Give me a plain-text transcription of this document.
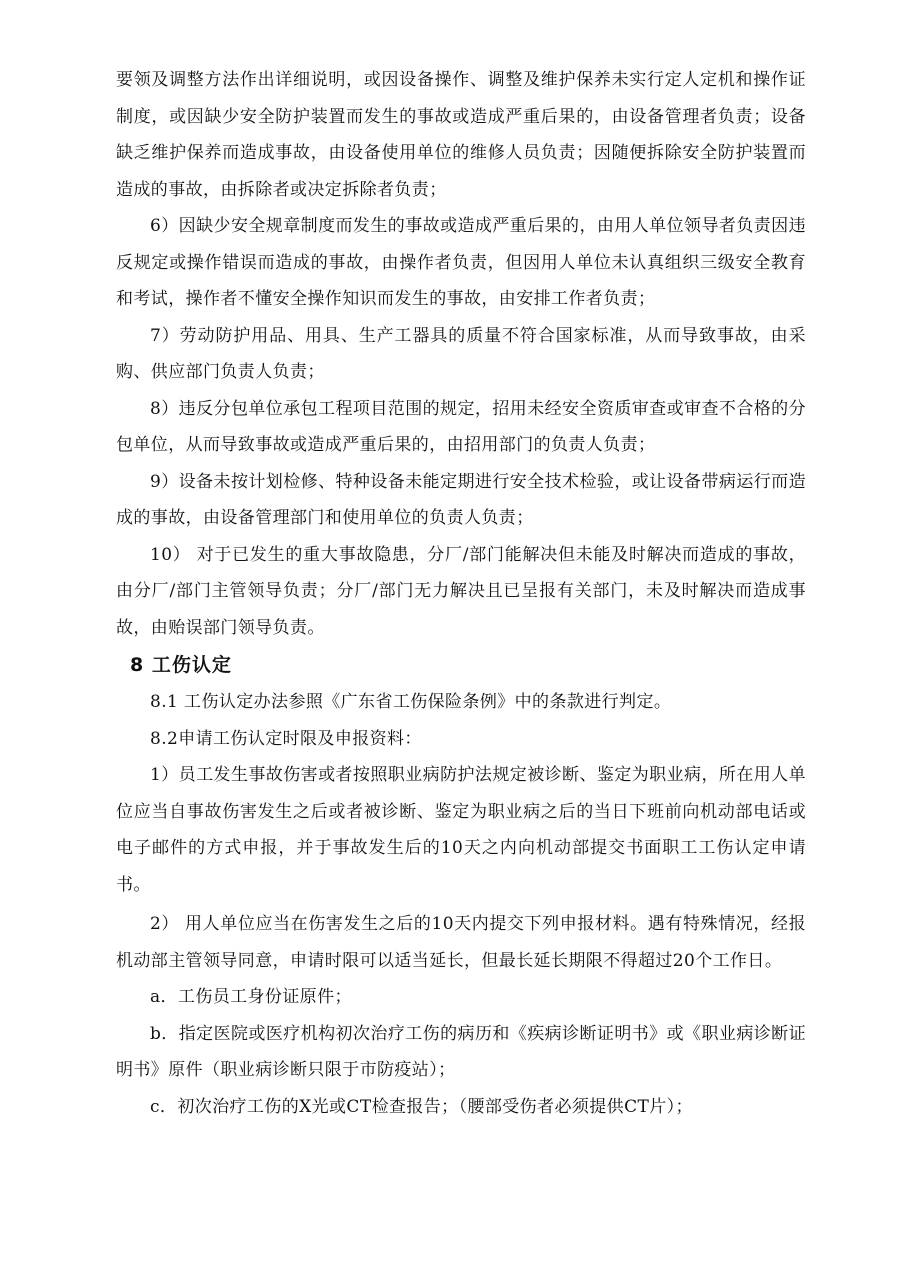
要领及调整方法作出详细说明，或因设备操作、调整及维护保养未实行定人定机和操作证制度，或因缺少安全防护装置而发生的事故或造成严重后果的，由设备管理者负责；设备缺乏维护保养而造成事故，由设备使用单位的维修人员负责；因随便拆除安全防护装置而造成的事故，由拆除者或决定拆除者负责；

6）因缺少安全规章制度而发生的事故或造成严重后果的，由用人单位领导者负责因违反规定或操作错误而造成的事故，由操作者负责，但因用人单位未认真组织三级安全教育和考试，操作者不懂安全操作知识而发生的事故，由安排工作者负责；

7）劳动防护用品、用具、生产工器具的质量不符合国家标准，从而导致事故，由采购、供应部门负责人负责；

8）违反分包单位承包工程项目范围的规定，招用未经安全资质审查或审查不合格的分包单位，从而导致事故或造成严重后果的，由招用部门的负责人负责；

9）设备未按计划检修、特种设备未能定期进行安全技术检验，或让设备带病运行而造成的事故，由设备管理部门和使用单位的负责人负责；

10） 对于已发生的重大事故隐患，分厂/部门能解决但未能及时解决而造成的事故，由分厂/部门主管领导负责；分厂/部门无力解决且已呈报有关部门，未及时解决而造成事故，由贻误部门领导负责。

8 工伤认定

8.1 工伤认定办法参照《广东省工伤保险条例》中的条款进行判定。

8.2申请工伤认定时限及申报资料：

1）员工发生事故伤害或者按照职业病防护法规定被诊断、鉴定为职业病，所在用人单位应当自事故伤害发生之后或者被诊断、鉴定为职业病之后的当日下班前向机动部电话或电子邮件的方式申报，并于事故发生后的10天之内向机动部提交书面职工工伤认定申请书。

2） 用人单位应当在伤害发生之后的10天内提交下列申报材料。遇有特殊情况，经报机动部主管领导同意，申请时限可以适当延长，但最长延长期限不得超过20个工作日。

a．工伤员工身份证原件；

b．指定医院或医疗机构初次治疗工伤的病历和《疾病诊断证明书》或《职业病诊断证明书》原件（职业病诊断只限于市防疫站）；

c．初次治疗工伤的X光或CT检查报告；（腰部受伤者必须提供CT片）；
